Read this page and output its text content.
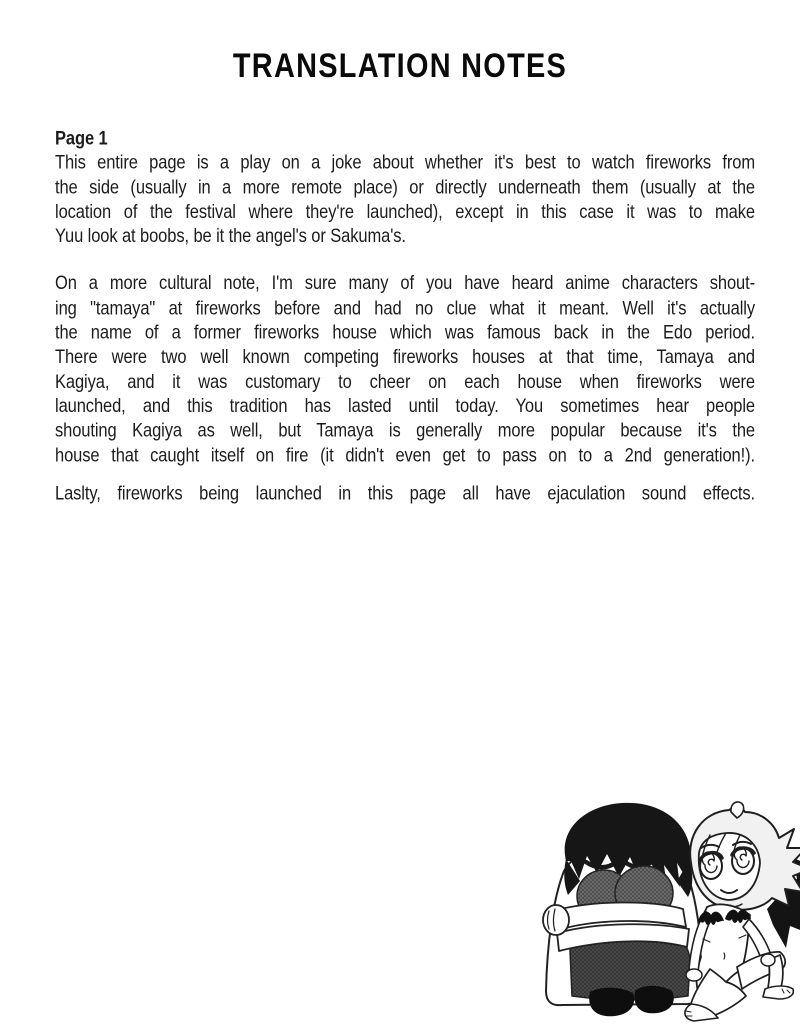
TRANSLATION NOTES
Page 1
This entire page is a play on a joke about whether it's best to watch fireworks from
the side (usually in a more remote place) or directly underneath them (usually at the
location of the festival where they're launched), except in this case it was to make
Yuu look at boobs, be it the angel's or Sakuma's.
On a more cultural note, I'm sure many of you have heard anime characters shout-
ing "tamaya" at fireworks before and had no clue what it meant. Well it's actually
the name of a former fireworks house which was famous back in the Edo period.
There were two well known competing fireworks houses at that time, Tamaya and
Kagiya, and it was customary to cheer on each house when fireworks were
launched, and this tradition has lasted until today. You sometimes hear people
shouting Kagiya as well, but Tamaya is generally more popular because it's the
house that caught itself on fire (it didn't even get to pass on to a 2nd generation!).
Laslty, fireworks being launched in this page all have ejaculation sound effects.
